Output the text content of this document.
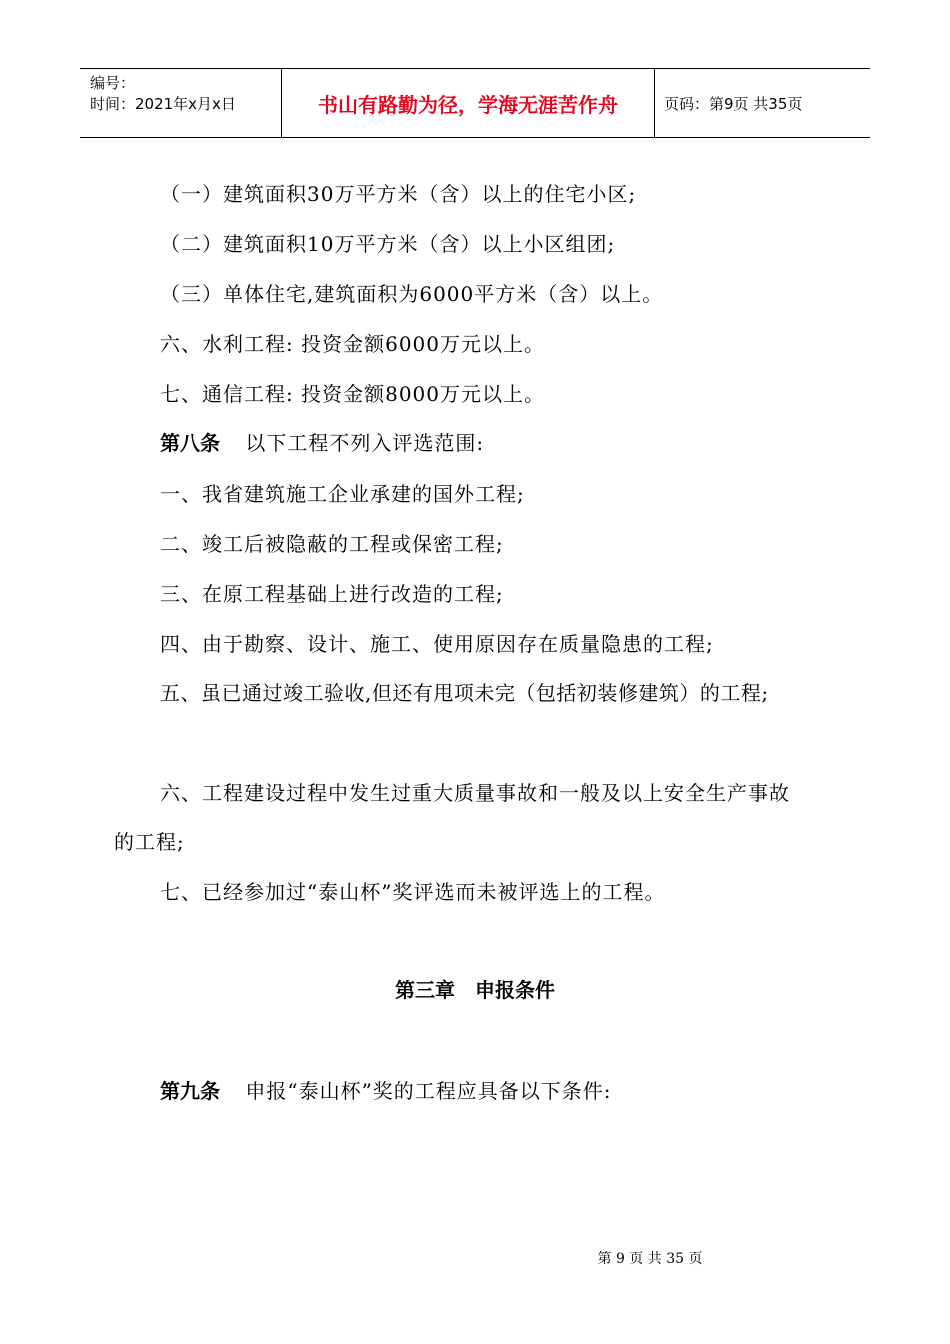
编号：
时间：2021年x月x日	书山有路勤为径，学海无涯苦作舟	页码：第9页 共35页
（一）建筑面积30万平方米（含）以上的住宅小区;
（二）建筑面积10万平方米（含）以上小区组团;
（三）单体住宅,建筑面积为6000平方米（含）以上。
六、水利工程: 投资金额6000万元以上。
七、通信工程: 投资金额8000万元以上。
第八条 以下工程不列入评选范围:
一、我省建筑施工企业承建的国外工程;
二、竣工后被隐蔽的工程或保密工程;
三、在原工程基础上进行改造的工程;
四、由于勘察、设计、施工、使用原因存在质量隐患的工程;
五、虽已通过竣工验收,但还有甩项未完（包括初装修建筑）的工程;
六、工程建设过程中发生过重大质量事故和一般及以上安全生产事故
的工程;
七、已经参加过“泰山杯”奖评选而未被评选上的工程。
第三章　申报条件
第九条 申报“泰山杯”奖的工程应具备以下条件:
第 9 页 共 35 页
